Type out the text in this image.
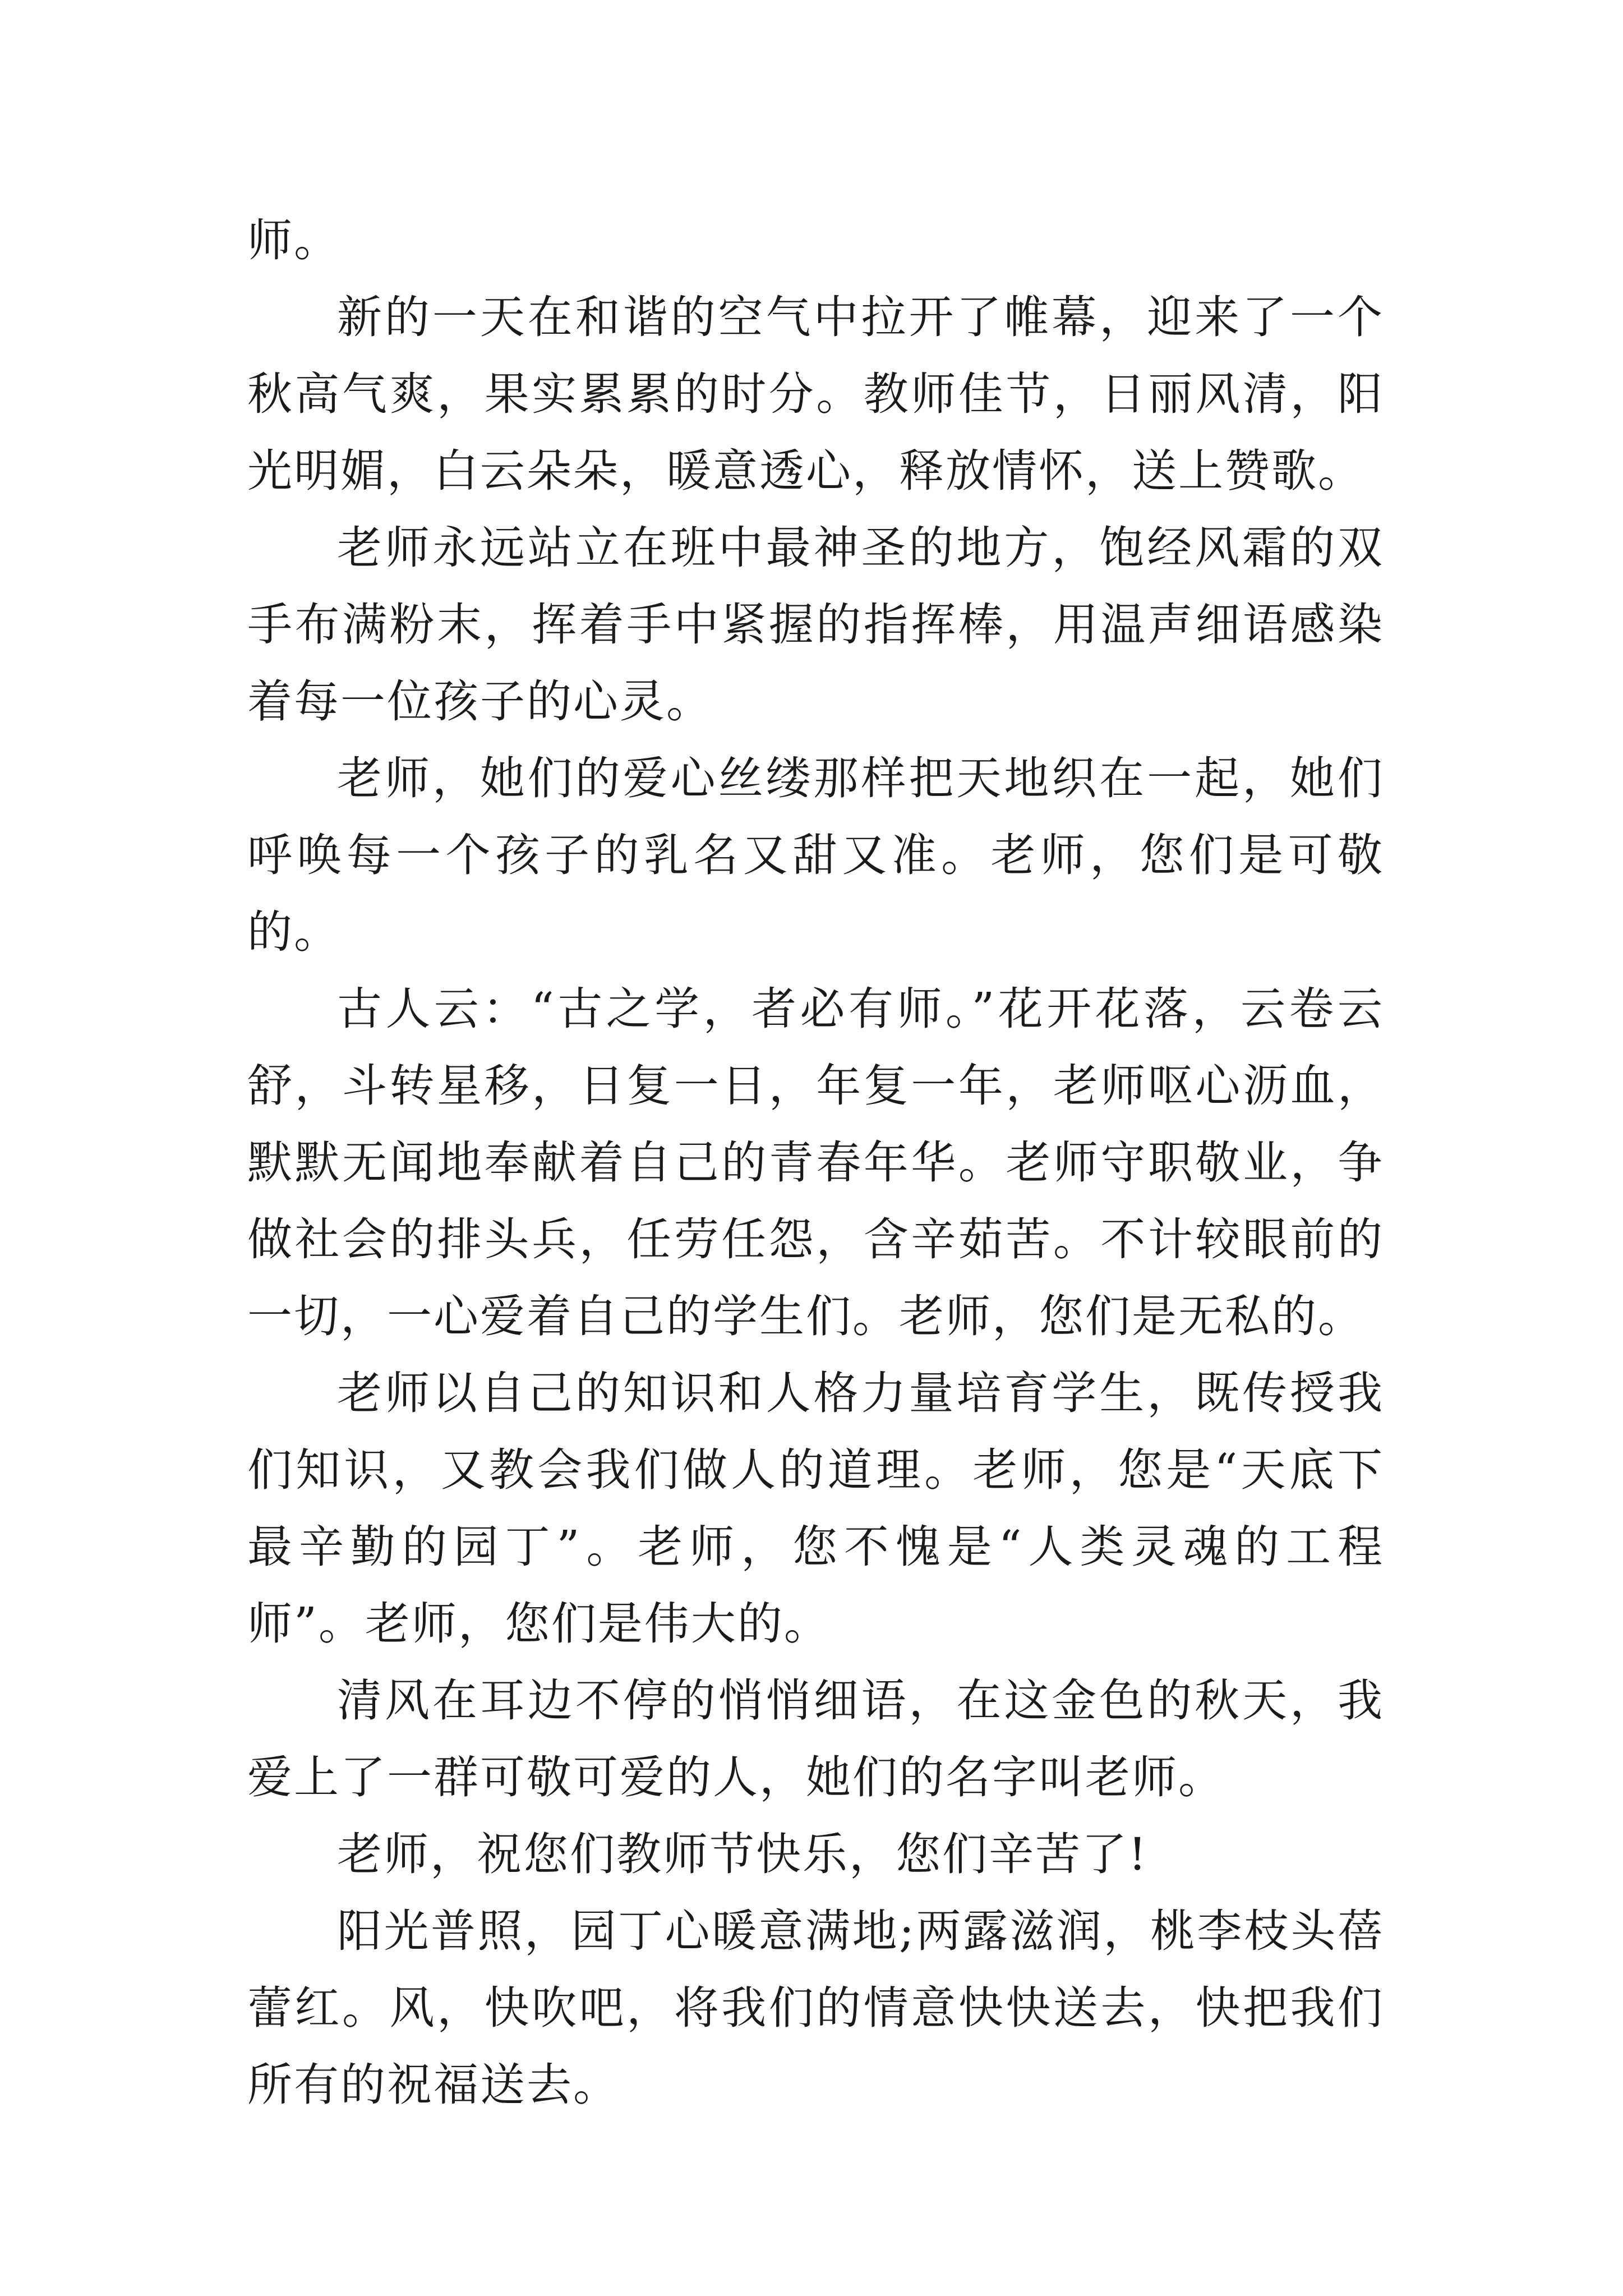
师。

新的一天在和谐的空气中拉开了帷幕，迎来了一个秋高气爽，果实累累的时分。教师佳节，日丽风清，阳光明媚，白云朵朵，暖意透心，释放情怀，送上赞歌。

老师永远站立在班中最神圣的地方，饱经风霜的双手布满粉末，挥着手中紧握的指挥棒，用温声细语感染着每一位孩子的心灵。

老师，她们的爱心丝缕那样把天地织在一起，她们呼唤每一个孩子的乳名又甜又准。老师，您们是可敬的。

古人云：“古之学，者必有师。”花开花落，云卷云舒，斗转星移，日复一日，年复一年，老师呕心沥血，默默无闻地奉献着自己的青春年华。老师守职敬业，争做社会的排头兵，任劳任怨，含辛茹苦。不计较眼前的一切，一心爱着自己的学生们。老师，您们是无私的。

老师以自己的知识和人格力量培育学生，既传授我们知识，又教会我们做人的道理。老师，您是“天底下最辛勤的园丁”。老师，您不愧是“人类灵魂的工程师”。老师，您们是伟大的。

清风在耳边不停的悄悄细语，在这金色的秋天，我爱上了一群可敬可爱的人，她们的名字叫老师。

老师，祝您们教师节快乐，您们辛苦了!

阳光普照，园丁心暖意满地;两露滋润，桃李枝头蓓蕾红。风，快吹吧，将我们的情意快快送去，快把我们所有的祝福送去。
